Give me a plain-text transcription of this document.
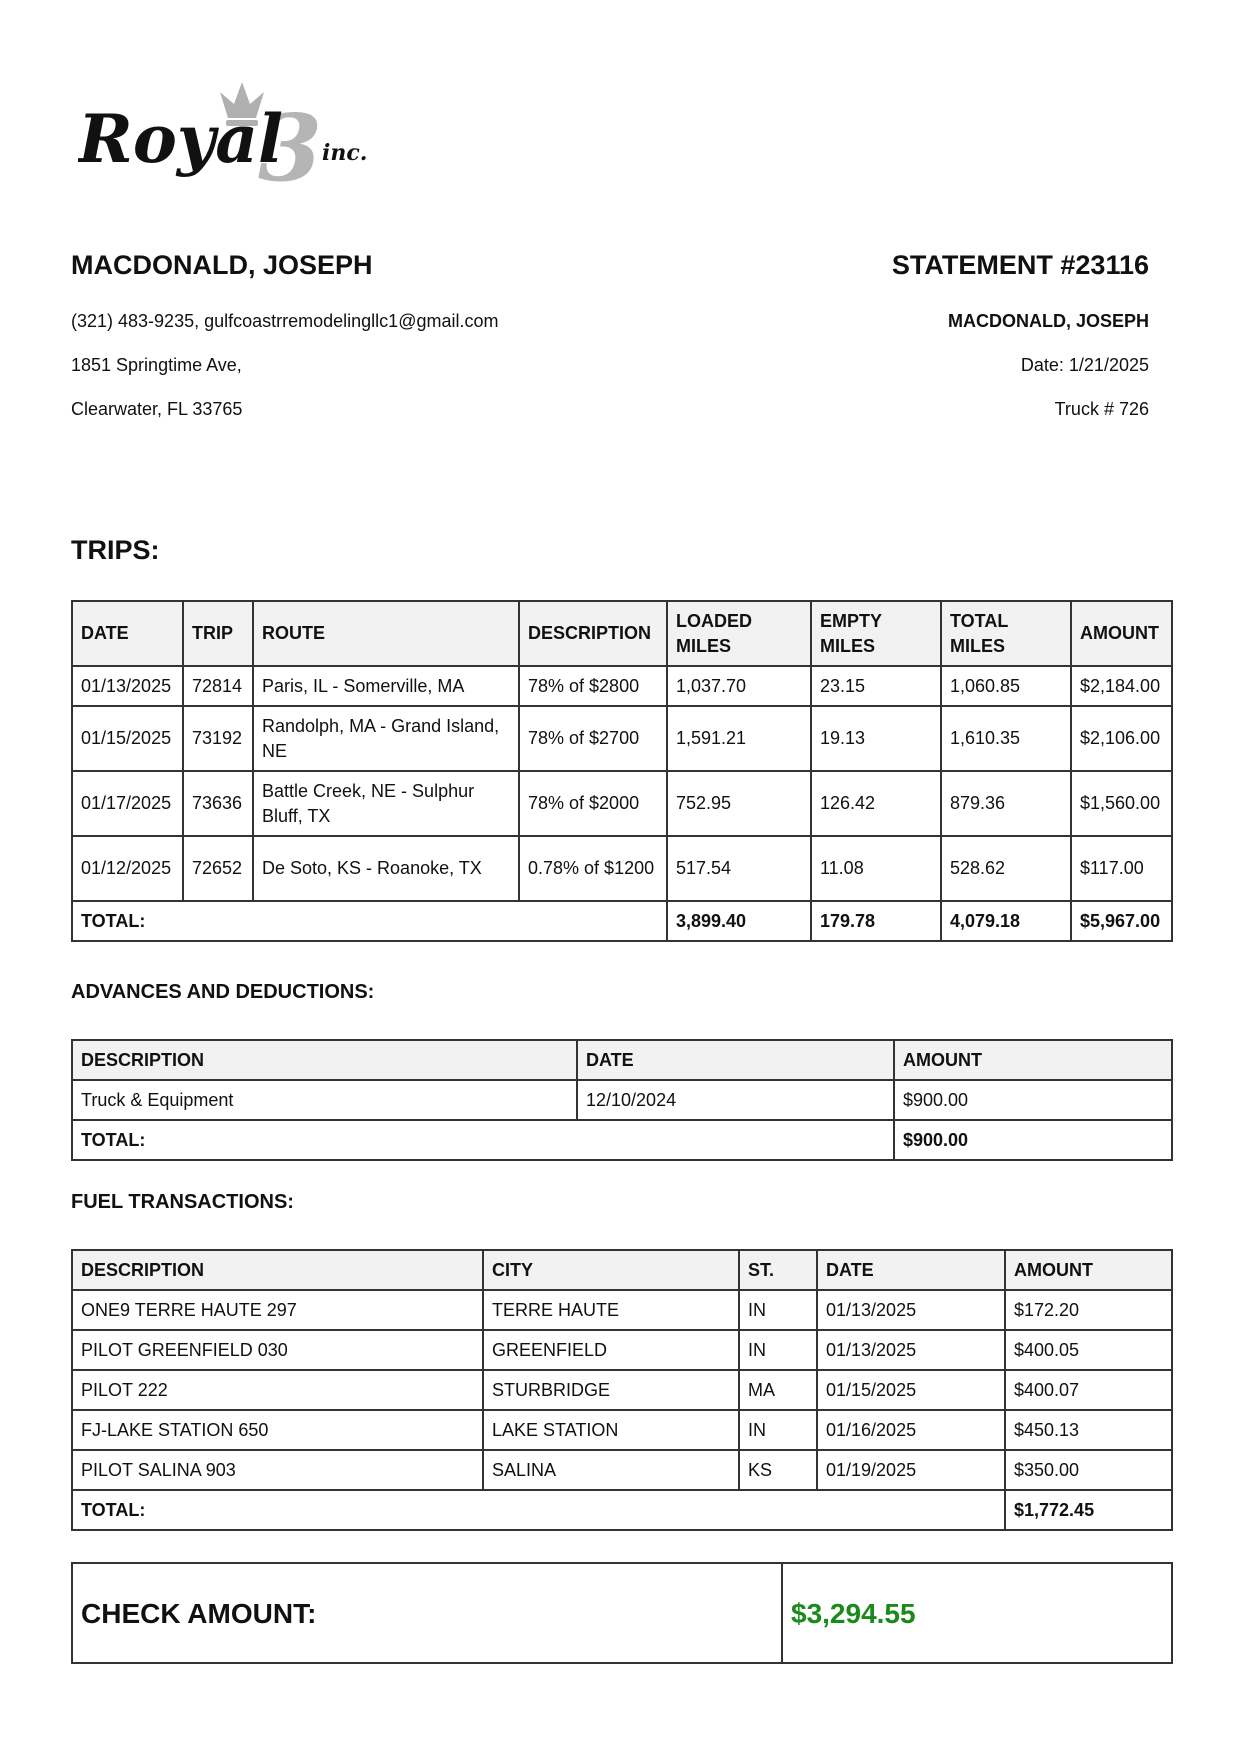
3
Royal inc.
MACDONALD, JOSEPH
(321) 483-9235, gulfcoastrremodelingllc1@gmail.com
1851 Springtime Ave,
Clearwater, FL 33765
STATEMENT #23116
MACDONALD, JOSEPH
Date: 1/21/2025
Truck # 726
TRIPS:
DATE	TRIP	ROUTE	DESCRIPTION	LOADED MILES	EMPTY MILES	TOTAL MILES	AMOUNT
01/13/2025	72814	Paris, IL - Somerville, MA	78% of $2800	1,037.70	23.15	1,060.85	$2,184.00
01/15/2025	73192	Randolph, MA - Grand Island, NE	78% of $2700	1,591.21	19.13	1,610.35	$2,106.00
01/17/2025	73636	Battle Creek, NE - Sulphur Bluff, TX	78% of $2000	752.95	126.42	879.36	$1,560.00
01/12/2025	72652	De Soto, KS - Roanoke, TX	0.78% of $1200	517.54	11.08	528.62	$117.00
TOTAL:				3,899.40	179.78	4,079.18	$5,967.00
ADVANCES AND DEDUCTIONS:
DESCRIPTION	DATE	AMOUNT
Truck & Equipment	12/10/2024	$900.00
TOTAL:		$900.00
FUEL TRANSACTIONS:
DESCRIPTION	CITY	ST.	DATE	AMOUNT
ONE9 TERRE HAUTE 297	TERRE HAUTE	IN	01/13/2025	$172.20
PILOT GREENFIELD 030	GREENFIELD	IN	01/13/2025	$400.05
PILOT 222	STURBRIDGE	MA	01/15/2025	$400.07
FJ-LAKE STATION 650	LAKE STATION	IN	01/16/2025	$450.13
PILOT SALINA 903	SALINA	KS	01/19/2025	$350.00
TOTAL:				$1,772.45
CHECK AMOUNT:	$3,294.55
